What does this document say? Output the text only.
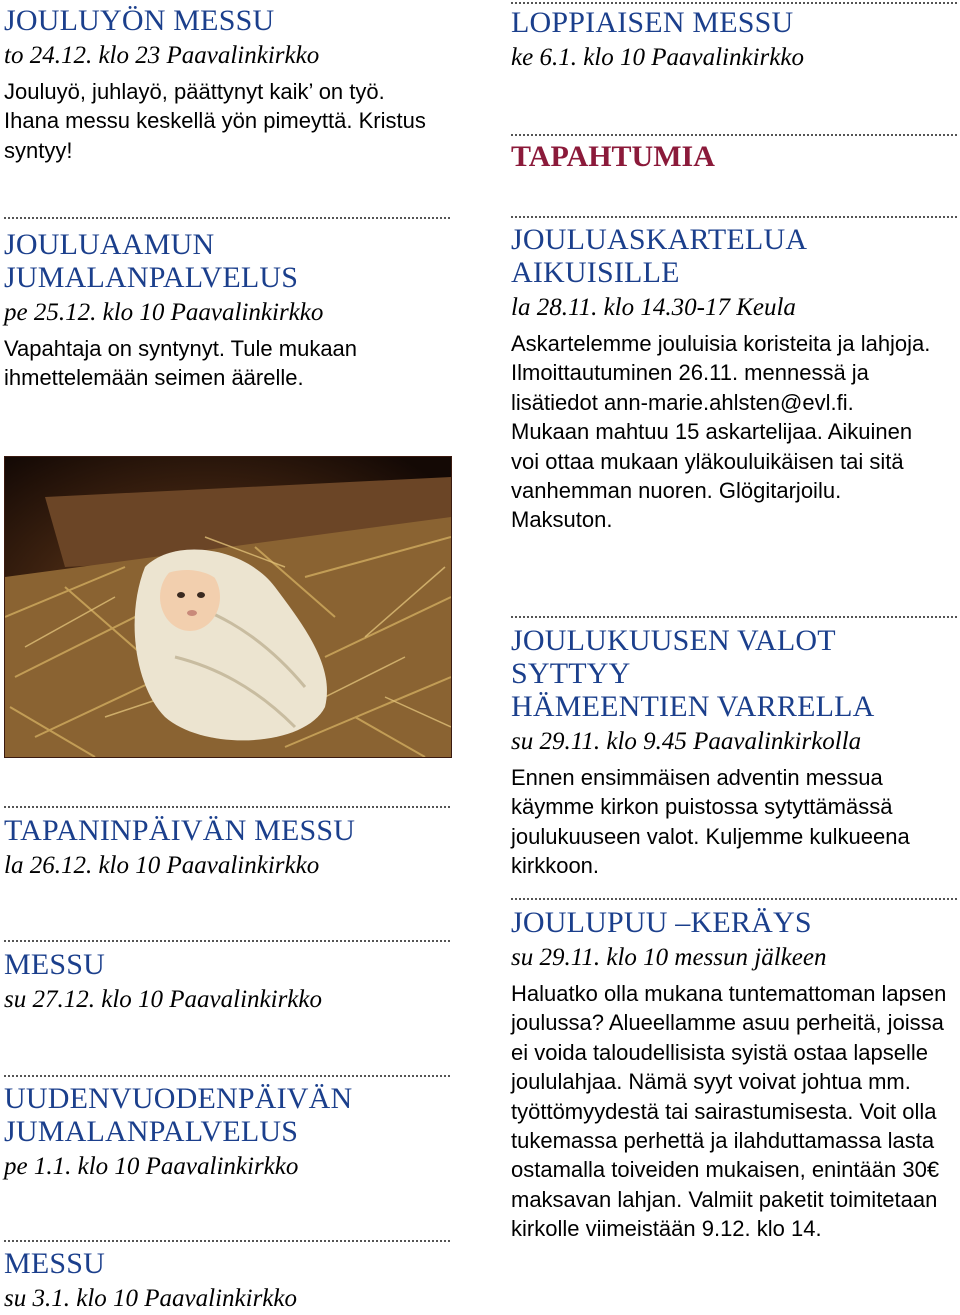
JOULUYÖN MESSU

to 24.12. klo 23 Paavalinkirkko

Jouluyö, juhlayö, päättynyt kaik’ on työ. Ihana messu keskellä yön pimeyttä. Kristus syntyy!

JOULUAAMUN
JUMALANPALVELUS

pe 25.12. klo 10 Paavalinkirkko

Vapahtaja on syntynyt. Tule mukaan ihmettelemään seimen äärelle.

TAPANINPÄIVÄN MESSU

la 26.12. klo 10 Paavalinkirkko

MESSU

su 27.12. klo 10 Paavalinkirkko

UUDENVUODENPÄIVÄN
JUMALANPALVELUS

pe 1.1. klo 10 Paavalinkirkko

MESSU

su 3.1. klo 10 Paavalinkirkko

LOPPIAISEN MESSU

ke 6.1. klo 10 Paavalinkirkko

TAPAHTUMIA
JOULUASKARTELUA
AIKUISILLE

la 28.11. klo 14.30-17 Keula

Askartelemme jouluisia koristeita ja lahjoja. Ilmoittautuminen 26.11. mennessä ja lisätiedot ann-marie.ahlsten@evl.fi. Mukaan mahtuu 15 askartelijaa. Aikuinen voi ottaa mukaan yläkouluikäisen tai sitä vanhemman nuoren. Glögitarjoilu. Maksuton.

JOULUKUUSEN VALOT SYTTYY
HÄMEENTIEN VARRELLA

su 29.11. klo 9.45 Paavalinkirkolla

Ennen ensimmäisen adventin messua käymme kirkon puistossa sytyttämässä joulukuuseen valot. Kuljemme kulkueena kirkkoon.

JOULUPUU –KERÄYS

su 29.11. klo 10 messun jälkeen

Haluatko olla mukana tuntemattoman lapsen joulussa? Alueellamme asuu perheitä, joissa ei voida taloudellisista syistä ostaa lapselle joululahjaa. Nämä syyt voivat johtua mm. työttömyydestä tai sairastumisesta. Voit olla tukemassa perhettä ja ilahduttamassa lasta ostamalla toiveiden mukaisen, enintään 30€ maksavan lahjan. Valmiit paketit toimitetaan kirkolle viimeistään 9.12. klo 14.
